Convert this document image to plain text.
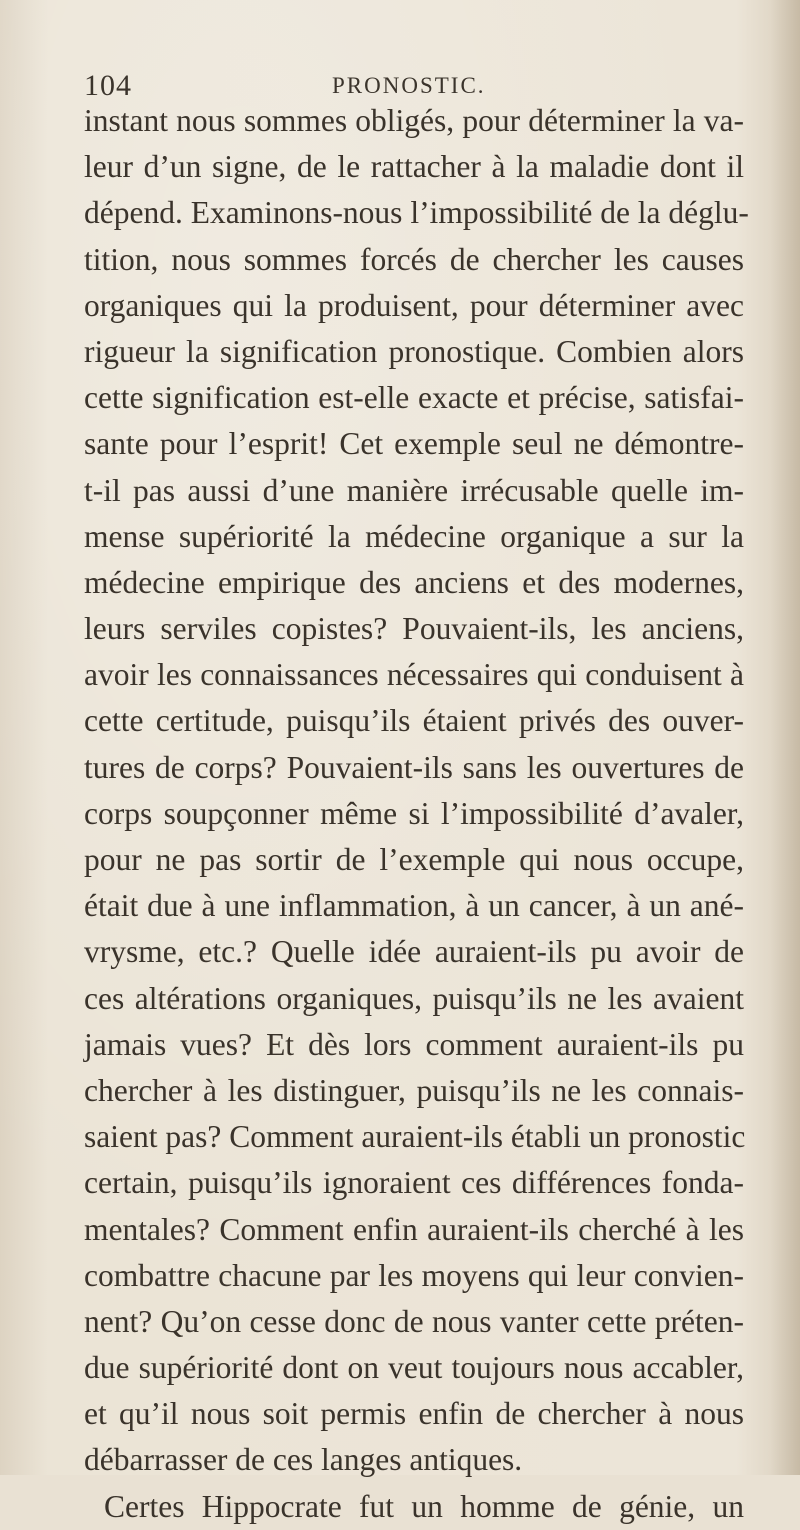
104	PRONOSTIC.
instant nous sommes obligés, pour déterminer la va-
leur d’un signe, de le rattacher à la maladie dont il
dépend. Examinons-nous l’impossibilité de la déglu-
tition, nous sommes forcés de chercher les causes
organiques qui la produisent, pour déterminer avec
rigueur la signification pronostique. Combien alors
cette signification est-elle exacte et précise, satisfai-
sante pour l’esprit! Cet exemple seul ne démontre-
t-il pas aussi d’une manière irrécusable quelle im-
mense supériorité la médecine organique a sur la
médecine empirique des anciens et des modernes,
leurs serviles copistes? Pouvaient-ils, les anciens,
avoir les connaissances nécessaires qui conduisent à
cette certitude, puisqu’ils étaient privés des ouver-
tures de corps? Pouvaient-ils sans les ouvertures de
corps soupçonner même si l’impossibilité d’avaler,
pour ne pas sortir de l’exemple qui nous occupe,
était due à une inflammation, à un cancer, à un ané-
vrysme, etc.? Quelle idée auraient-ils pu avoir de
ces altérations organiques, puisqu’ils ne les avaient
jamais vues? Et dès lors comment auraient-ils pu
chercher à les distinguer, puisqu’ils ne les connais-
saient pas? Comment auraient-ils établi un pronostic
certain, puisqu’ils ignoraient ces différences fonda-
mentales? Comment enfin auraient-ils cherché à les
combattre chacune par les moyens qui leur convien-
nent? Qu’on cesse donc de nous vanter cette préten-
due supériorité dont on veut toujours nous accabler,
et qu’il nous soit permis enfin de chercher à nous
débarrasser de ces langes antiques.
Certes Hippocrate fut un homme de génie, un
